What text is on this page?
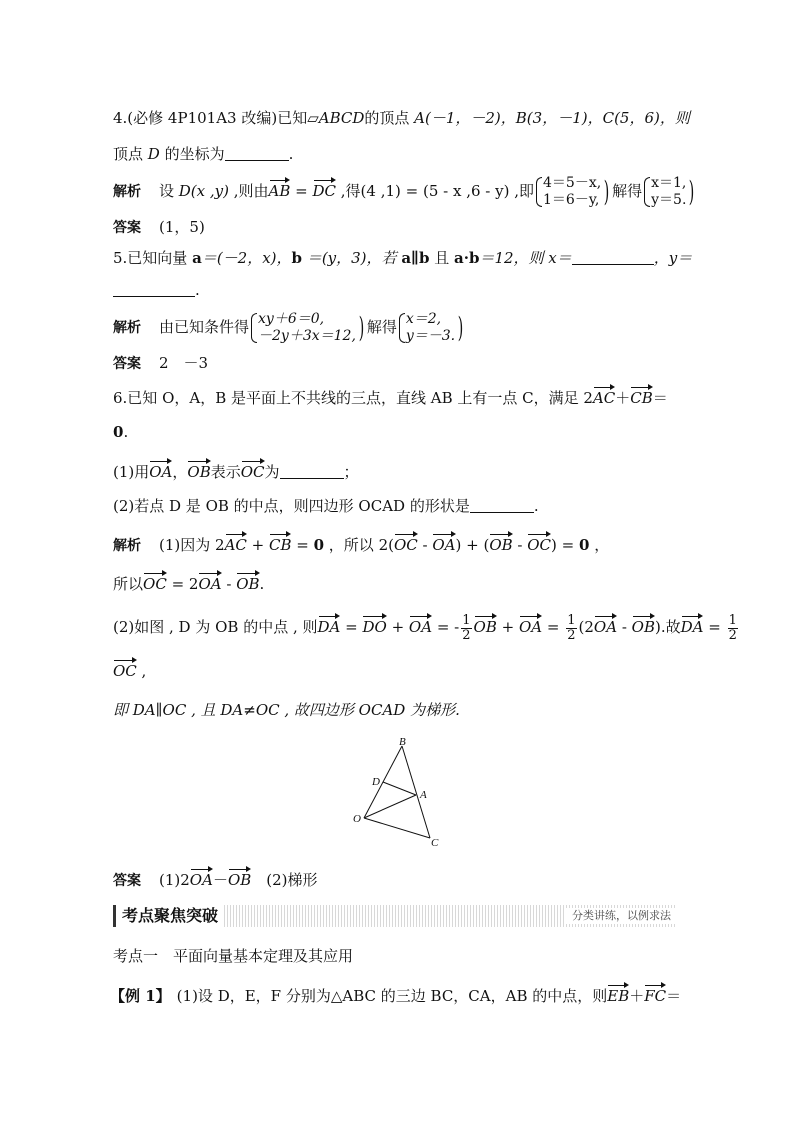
4.(必修 4P101A3 改编)已知▱ABCD的顶点 A(－1，－2)，B(3，－1)，C(5，6)，则
顶点 D 的坐标为	.
解析 设 D(x ,y) ,则由AB = DC ,得(4 ,1) = (5 - x ,6 - y) ,即 4＝5－x,
1＝6－y, ) 解得 x＝1,
y＝5. )
答案 (1，5)
5.已知向量 a＝(－2，x)，b ＝(y，3)，若 a∥b 且 a·b＝12，则 x＝	，y＝
.
解析 由已知条件得 xy＋6＝0,
－2y＋3x＝12, ) 解得 x＝2,
y＝－3. )
答案 2　－3
6.已知 O，A，B 是平面上不共线的三点，直线 AB 上有一点 C，满足 2AC＋CB＝
0.
(1)用OA，OB表示OC为	；
(2)若点 D 是 OB 的中点，则四边形 OCAD 的形状是	.
解析 (1)因为 2AC + CB = 0 ，所以 2(OC - OA) + (OB - OC) = 0 ，
所以OC = 2OA - OB.
(2)如图 , D 为 OB 的中点 , 则DA = DO + OA = - $\frac{1}{2}$ OB + OA = $\frac{1}{2} (2OA - OB)$.故DA = $\frac{1}{2}$
OC ,
即 DA∥OC , 且 DA≠OC , 故四边形 OCAD 为梯形.
B
D
A
O
C
答案 (1)2OA－OB　(2)梯形
考点聚焦突破	分类讲练，以例求法
考点一　平面向量基本定理及其应用
【例 1】 (1)设 D，E，F 分别为△ABC 的三边 BC，CA，AB 的中点，则EB＋FC＝
